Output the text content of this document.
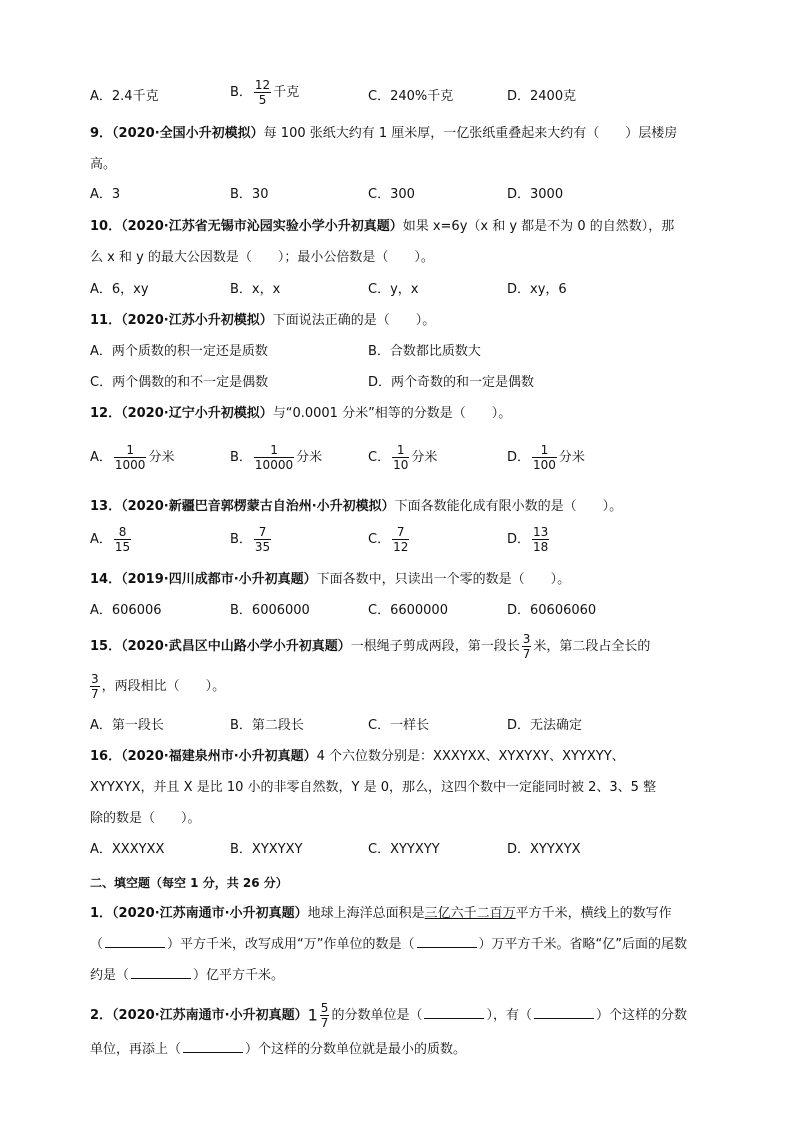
A．2.4千克	B． $\frac{12}{5}$ 千克	C．240%千克	D．2400克
9．（2020·全国小升初模拟）每 100 张纸大约有 1 厘米厚，一亿张纸重叠起来大约有（　　）层楼房
高。
A．3	B．30	C．300	D．3000
10．（2020·江苏省无锡市沁园实验小学小升初真题）如果 x=6y（x 和 y 都是不为 0 的自然数），那
么 x 和 y 的最大公因数是（　　）；最小公倍数是（　　）。
A．6，xy	B．x，x	C．y，x	D．xy，6
11．（2020·江苏小升初模拟）下面说法正确的是（　　）。
A．两个质数的积一定还是质数	B．合数都比质数大
C．两个偶数的和不一定是偶数	D．两个奇数的和一定是偶数
12．（2020·辽宁小升初模拟）与“0.0001 分米”相等的分数是（　　）。
A． $\frac{1}{1000}$ 分米	B． $\frac{1}{10000}$ 分米	C． $\frac{1}{10}$ 分米	D． $\frac{1}{100}$ 分米
13．（2020·新疆巴音郭楞蒙古自治州·小升初模拟）下面各数能化成有限小数的是（　　）。
A． $\frac{8}{15}$	B． $\frac{7}{35}$	C． $\frac{7}{12}$	D． $\frac{13}{18}$
14．（2019·四川成都市·小升初真题）下面各数中，只读出一个零的数是（　　）。
A．606006	B．6006000	C．6600000	D．60606060
15．（2020·武昌区中山路小学小升初真题）一根绳子剪成两段，第一段长 $\frac{3}{7}$ 米，第二段占全长的
$\frac{3}{7}$ ，两段相比（　　）。
A．第一段长	B．第二段长	C．一样长	D．无法确定
16．（2020·福建泉州市·小升初真题）4 个六位数分别是：XXXYXX、XYXYXY、XYYXYY、
XYYXYX，并且 X 是比 10 小的非零自然数，Y 是 0，那么，这四个数中一定能同时被 2、3、5 整
除的数是（　　）。
A．XXXYXX	B．XYXYXY	C．XYYXYY	D．XYYXYX
二、填空题（每空 1 分，共 26 分）
1．（2020·江苏南通市·小升初真题）地球上海洋总面积是三亿六千二百万平方千米，横线上的数写作
（	）平方千米，改写成用“万”作单位的数是（	）万平方千米。省略“亿”后面的尾数
约是（	）亿平方千米。
2．（2020·江苏南通市·小升初真题）$1 \frac{5}{7}$ 的分数单位是（	），有（	）个这样的分数
单位，再添上（	）个这样的分数单位就是最小的质数。
